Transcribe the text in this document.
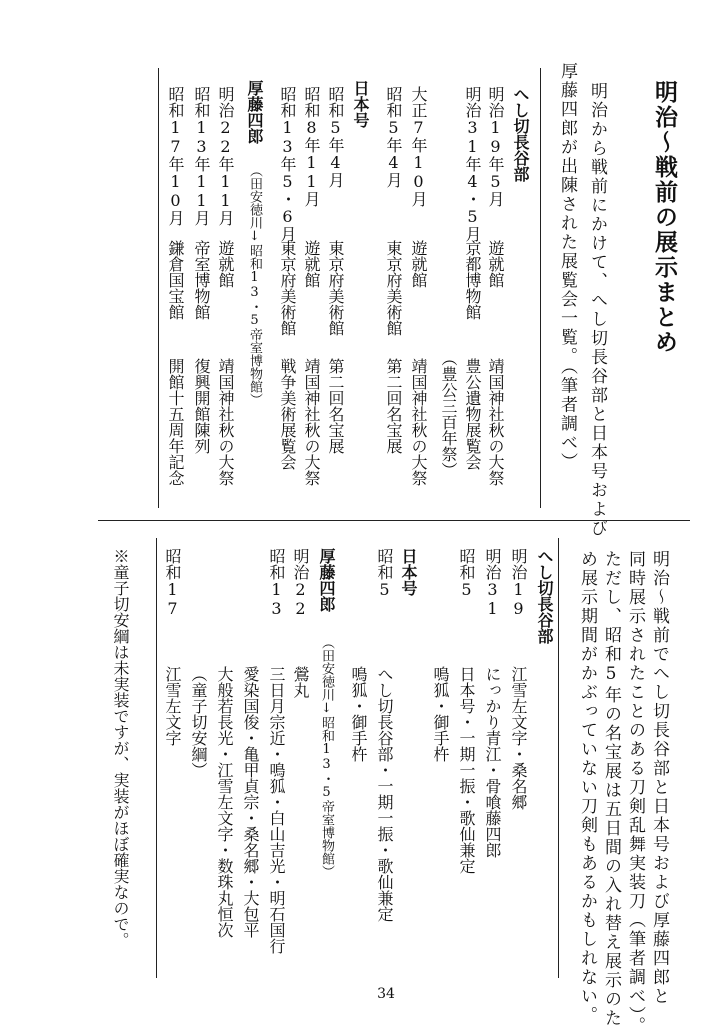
明治〜戦前の展示まとめ

明治から戦前にかけて、へし切長谷部と日本号および

厚藤四郎が出陳された展覧会一覧。（筆者調べ）

へし切長谷部
明治19年5月
遊就館
靖国神社秋の大祭
明治31年4・5月
京都博物館
豊公遺物展覧会
（豊公三百年祭）
大正7年10月
遊就館
靖国神社秋の大祭
昭和5年4月
東京府美術館
第二回名宝展
日本号
昭和5年4月
東京府美術館
第二回名宝展
昭和8年11月
遊就館
靖国神社秋の大祭
昭和13年5・6月
東京府美術館
戦争美術展覧会
厚藤四郎
（田安徳川↓昭和13・5帝室博物館）
明治22年11月
遊就館
靖国神社秋の大祭
昭和13年11月
帝室博物館
復興開館陳列
昭和17年10月
鎌倉国宝館
開館十五周年記念

明治〜戦前でへし切長谷部と日本号および厚藤四郎と

同時展示されたことのある刀剣乱舞実装刀（筆者調べ）。

ただし、昭和5年の名宝展は五日間の入れ替え展示のた

め展示期間がかぶっていない刀剣もあるかもしれない。

へし切長谷部
明治19
江雪左文字・桑名郷
明治31
にっかり青江・骨喰藤四郎
昭和5
日本号・一期一振・歌仙兼定
鳴狐・御手杵
日本号
昭和5
へし切長谷部・一期一振・歌仙兼定
鳴狐・御手杵
厚藤四郎
（田安徳川↓昭和13・5帝室博物館）
明治22
鶯丸
昭和13
三日月宗近・鳴狐・白山吉光・明石国行
愛染国俊・亀甲貞宗・桑名郷・大包平
大般若長光・江雪左文字・数珠丸恒次
（童子切安綱）
昭和17
江雪左文字

※童子切安綱は未実装ですが、実装がほぼ確実なので。

34
